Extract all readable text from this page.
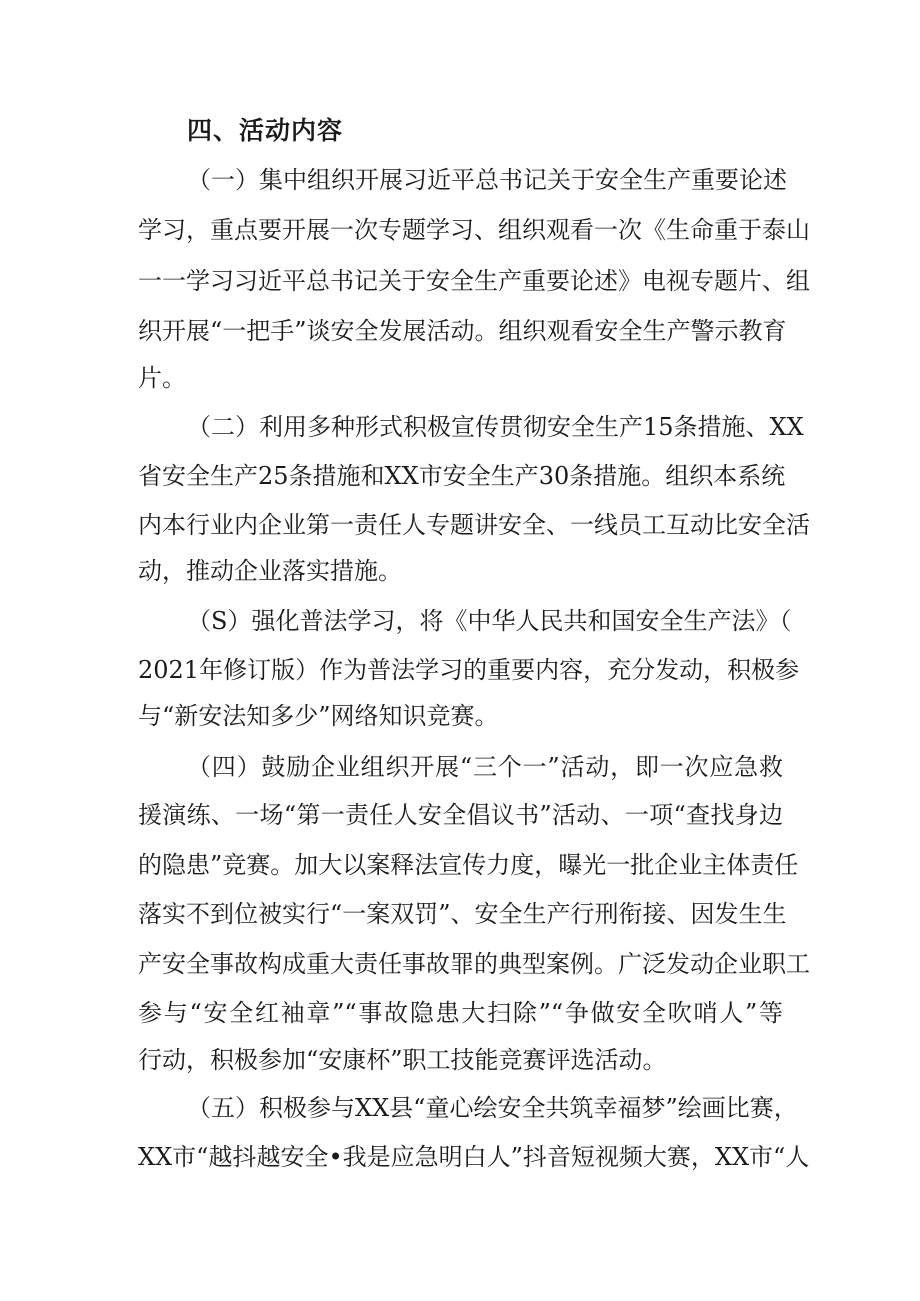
四、活动内容
（一）集中组织开展习近平总书记关于安全生产重要论述
学习，重点要开展一次专题学习、组织观看一次《生命重于泰山
一一学习习近平总书记关于安全生产重要论述》电视专题片、组
织开展“一把手”谈安全发展活动。组织观看安全生产警示教育
片。
（二）利用多种形式积极宣传贯彻安全生产15条措施、XX
省安全生产25条措施和XX市安全生产30条措施。组织本系统
内本行业内企业第一责任人专题讲安全、一线员工互动比安全活
动，推动企业落实措施。
（S）强化普法学习，将《中华人民共和国安全生产法》（
2021年修订版）作为普法学习的重要内容，充分发动，积极参
与“新安法知多少”网络知识竞赛。
（四）鼓励企业组织开展“三个一”活动，即一次应急救
援演练、一场“第一责任人安全倡议书”活动、一项“查找身边
的隐患”竞赛。加大以案释法宣传力度，曝光一批企业主体责任
落实不到位被实行“一案双罚”、安全生产行刑衔接、因发生生
产安全事故构成重大责任事故罪的典型案例。广泛发动企业职工
参与“安全红袖章”“事故隐患大扫除”“争做安全吹哨人”等
行动，积极参加“安康杯”职工技能竞赛评选活动。
（五）积极参与XX县“童心绘安全共筑幸福梦”绘画比赛，
XX市“越抖越安全•我是应急明白人”抖音短视频大赛，XX市“人
